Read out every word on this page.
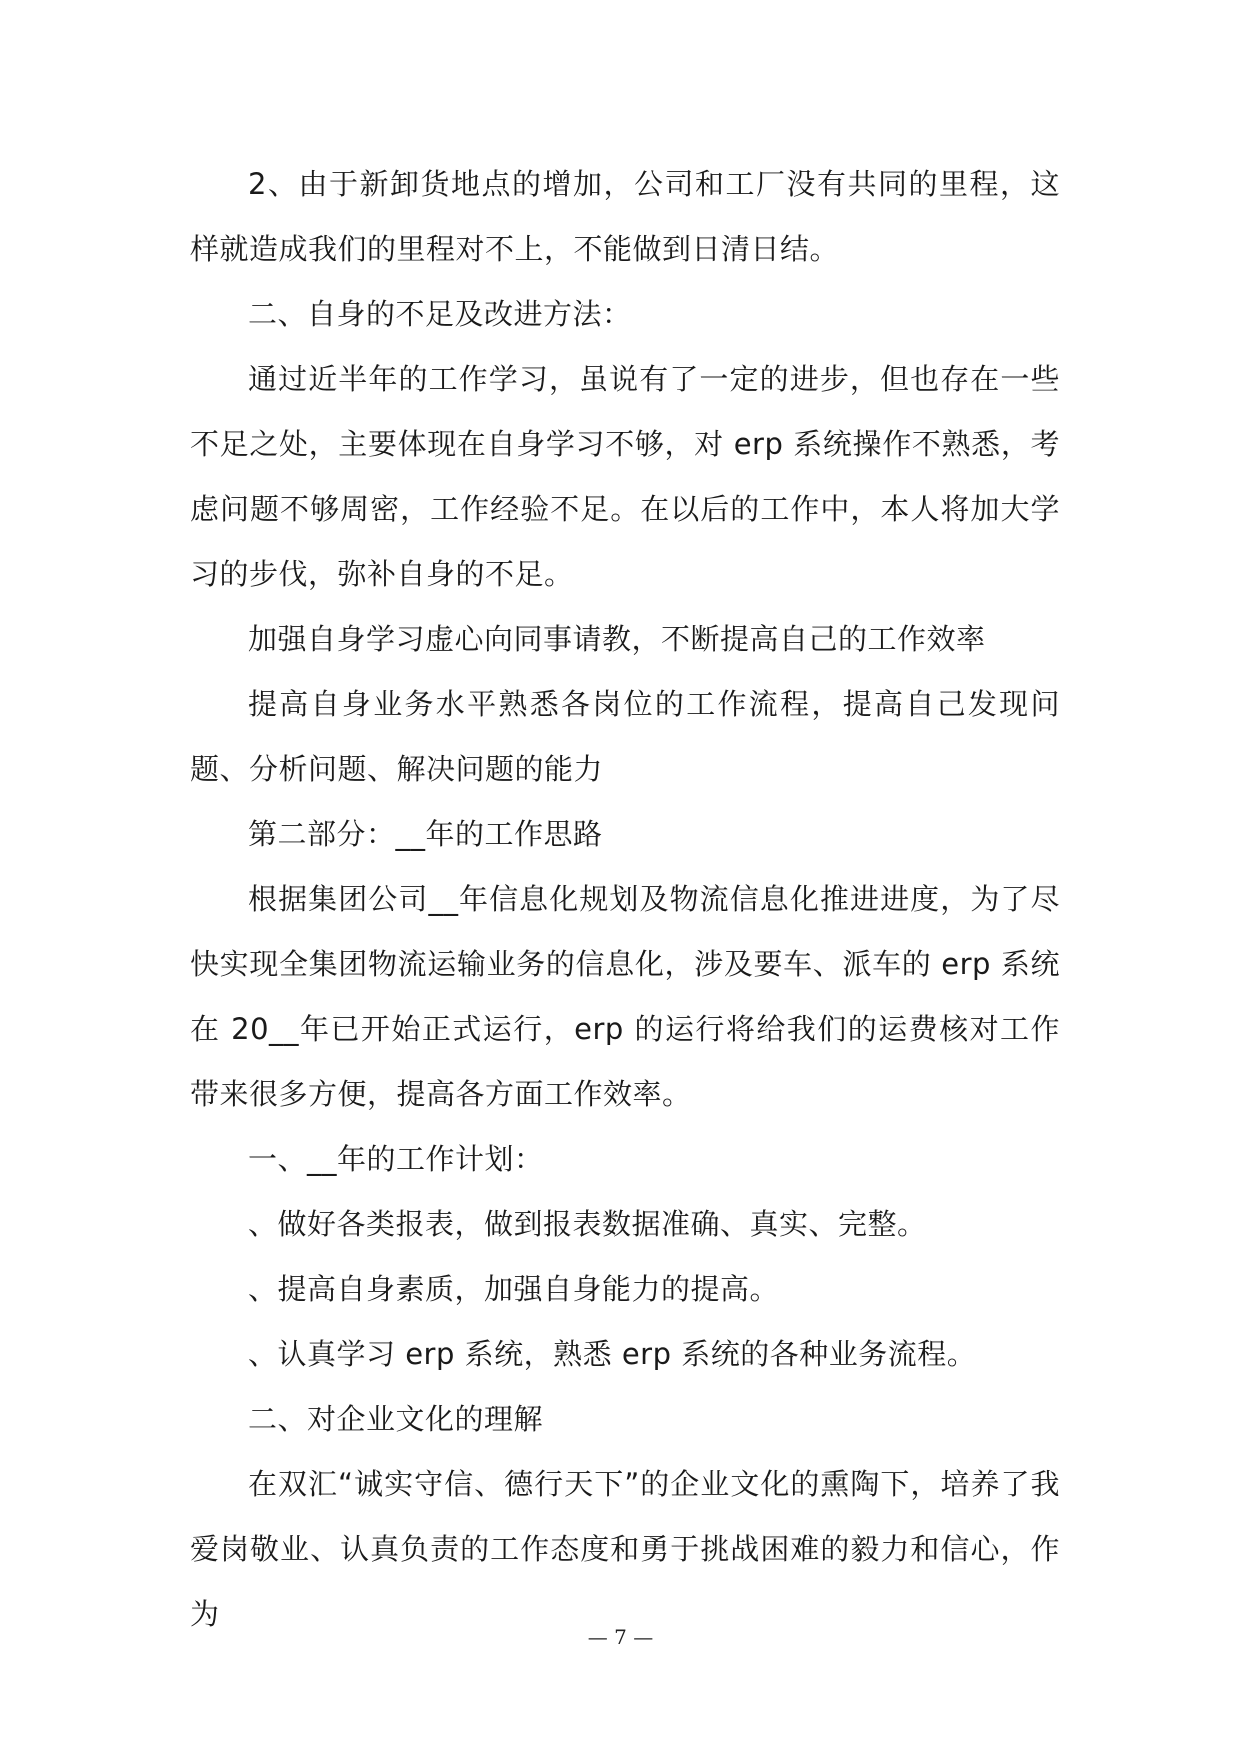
2、由于新卸货地点的增加，公司和工厂没有共同的里程，这样就造成我们的里程对不上，不能做到日清日结。

二、自身的不足及改进方法：

通过近半年的工作学习，虽说有了一定的进步，但也存在一些不足之处，主要体现在自身学习不够，对 erp 系统操作不熟悉，考虑问题不够周密，工作经验不足。在以后的工作中，本人将加大学习的步伐，弥补自身的不足。

加强自身学习虚心向同事请教，不断提高自己的工作效率

提高自身业务水平熟悉各岗位的工作流程，提高自己发现问题、分析问题、解决问题的能力

第二部分：__年的工作思路

根据集团公司__年信息化规划及物流信息化推进进度，为了尽快实现全集团物流运输业务的信息化，涉及要车、派车的 erp 系统在 20__年已开始正式运行，erp 的运行将给我们的运费核对工作带来很多方便，提高各方面工作效率。

一、__年的工作计划：

、做好各类报表，做到报表数据准确、真实、完整。

、提高自身素质，加强自身能力的提高。

、认真学习 erp 系统，熟悉 erp 系统的各种业务流程。

二、对企业文化的理解

在双汇“诚实守信、德行天下”的企业文化的熏陶下，培养了我爱岗敬业、认真负责的工作态度和勇于挑战困难的毅力和信心，作为

— 7 —
